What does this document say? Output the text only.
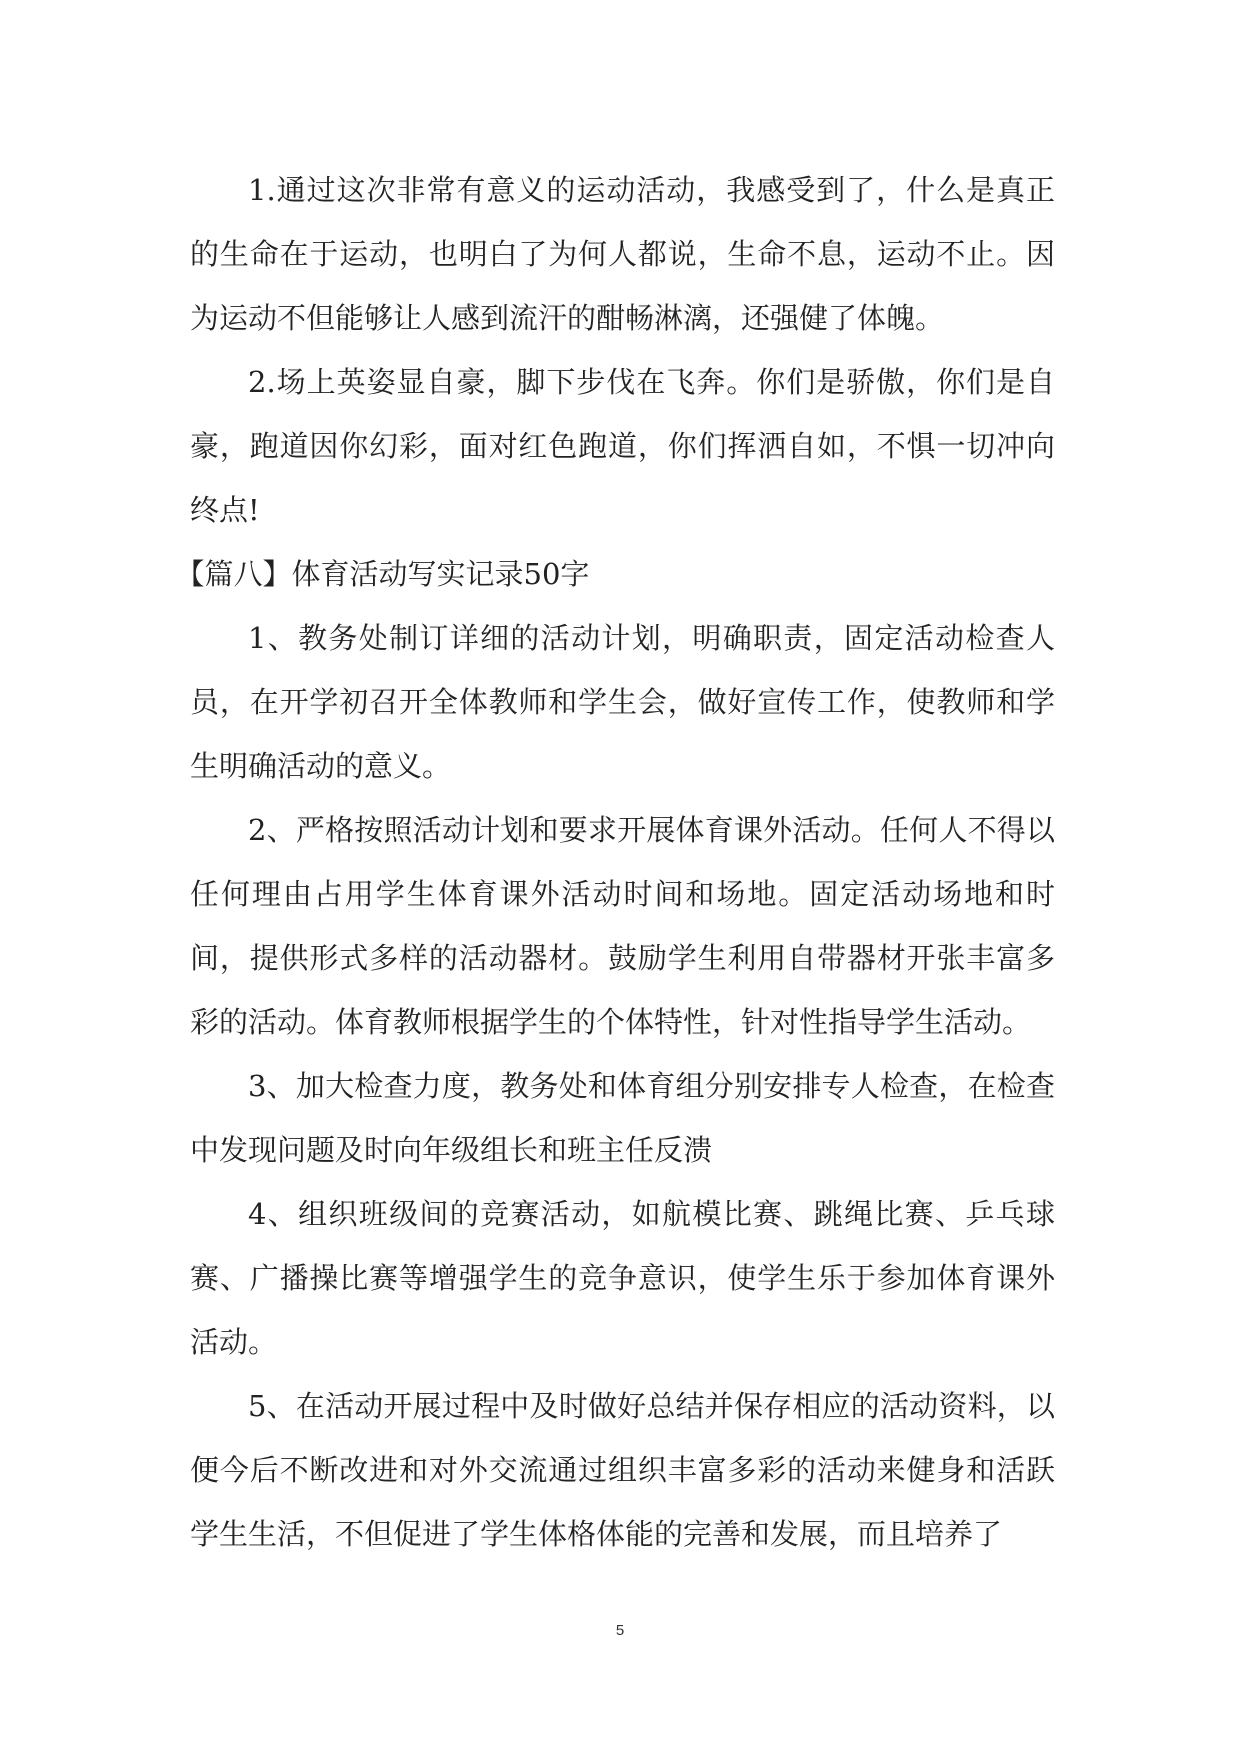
1.通过这次非常有意义的运动活动，我感受到了，什么是真正的生命在于运动，也明白了为何人都说，生命不息，运动不止。因为运动不但能够让人感到流汗的酣畅淋漓，还强健了体魄。

2.场上英姿显自豪，脚下步伐在飞奔。你们是骄傲，你们是自豪，跑道因你幻彩，面对红色跑道，你们挥洒自如，不惧一切冲向终点!

【篇八】体育活动写实记录50字

1、教务处制订详细的活动计划，明确职责，固定活动检查人员，在开学初召开全体教师和学生会，做好宣传工作，使教师和学生明确活动的意义。

2、严格按照活动计划和要求开展体育课外活动。任何人不得以任何理由占用学生体育课外活动时间和场地。固定活动场地和时间，提供形式多样的活动器材。鼓励学生利用自带器材开张丰富多彩的活动。体育教师根据学生的个体特性，针对性指导学生活动。

3、加大检查力度，教务处和体育组分别安排专人检查，在检查中发现问题及时向年级组长和班主任反溃

4、组织班级间的竞赛活动，如航模比赛、跳绳比赛、乒乓球赛、广播操比赛等增强学生的竞争意识，使学生乐于参加体育课外活动。

5、在活动开展过程中及时做好总结并保存相应的活动资料，以便今后不断改进和对外交流通过组织丰富多彩的活动来健身和活跃学生生活，不但促进了学生体格体能的完善和发展，而且培养了

5
